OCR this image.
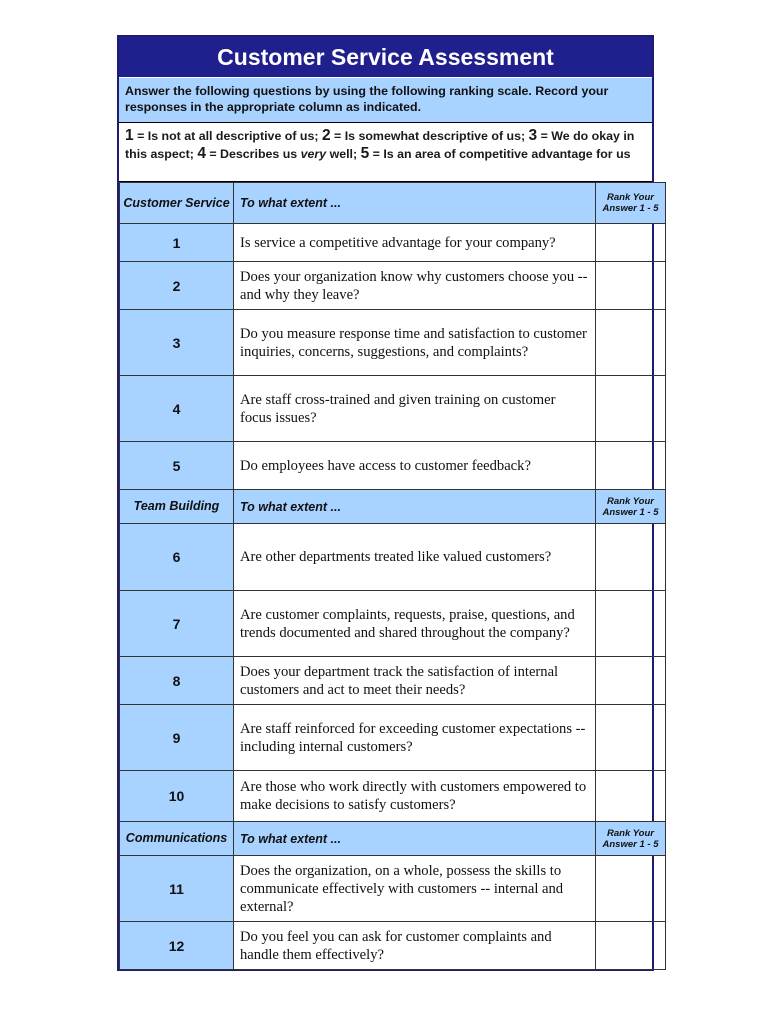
Customer Service Assessment
Answer the following questions by using the following ranking scale. Record your responses in the appropriate column as indicated.
1 = Is not at all descriptive of us; 2 = Is somewhat descriptive of us; 3 = We do okay in this aspect; 4 = Describes us very well; 5 = Is an area of competitive advantage for us
Customer Service	To what extent ...	Rank Your Answer 1 - 5
1	Is service a competitive advantage for your company?	
2	Does your organization know why customers choose you -- and why they leave?	
3	Do you measure response time and satisfaction to customer inquiries, concerns, suggestions, and complaints?	
4	Are staff cross-trained and given training on customer focus issues?	
5	Do employees have access to customer feedback?	
Team Building	To what extent ...	Rank Your Answer 1 - 5
6	Are other departments treated like valued customers?	
7	Are customer complaints, requests, praise, questions, and trends documented and shared throughout the company?	
8	Does your department track the satisfaction of internal customers and act to meet their needs?	
9	Are staff reinforced for exceeding customer expectations -- including internal customers?	
10	Are those who work directly with customers empowered to make decisions to satisfy customers?	
Communications	To what extent ...	Rank Your Answer 1 - 5
11	Does the organization, on a whole, possess the skills to communicate effectively with customers -- internal and external?	
12	Do you feel you can ask for customer complaints and handle them effectively?	
